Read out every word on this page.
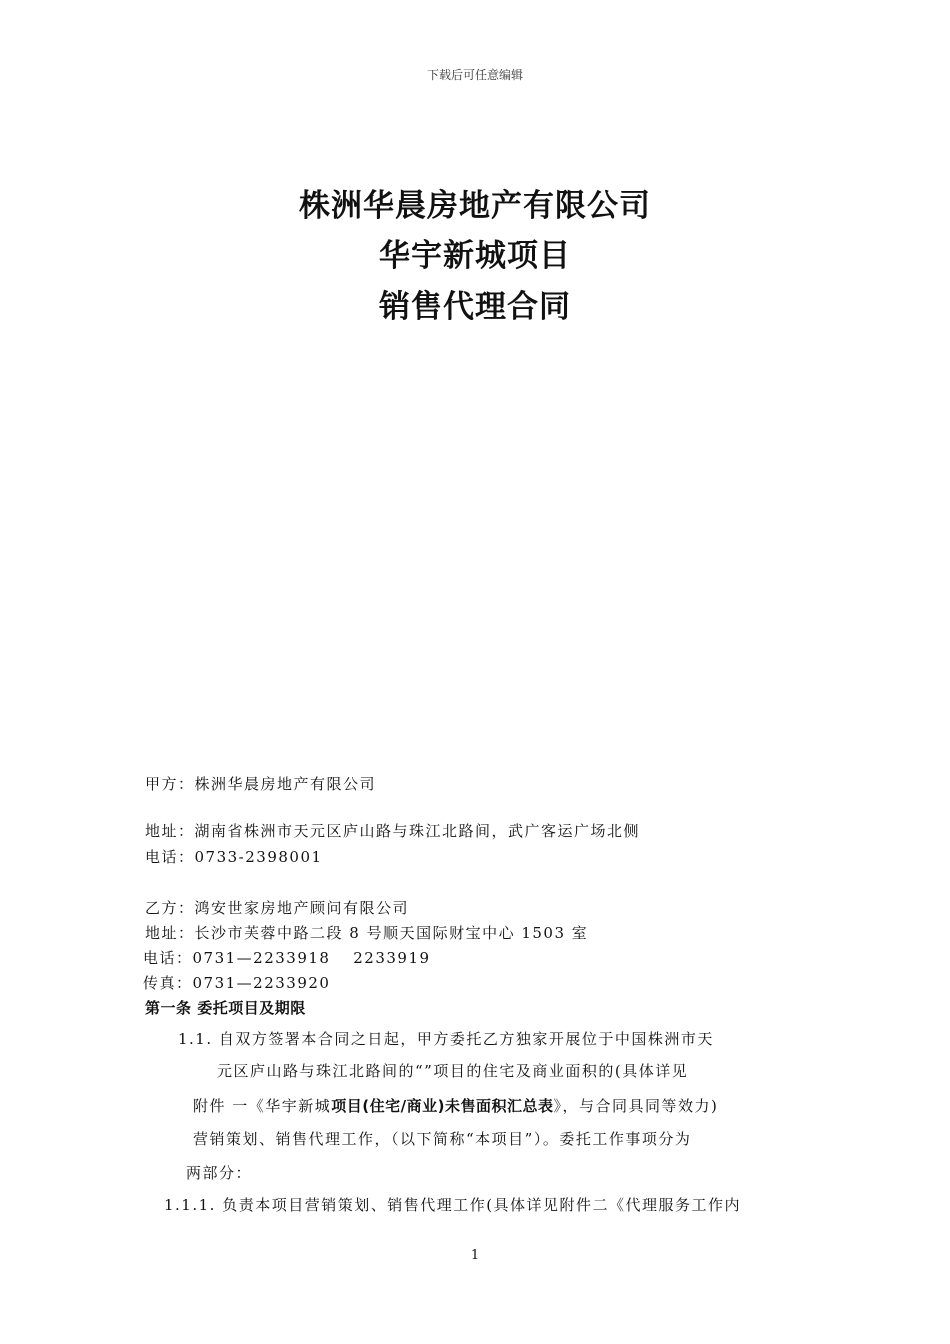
下载后可任意编辑
株洲华晨房地产有限公司
华宇新城项目
销售代理合同
甲方：株洲华晨房地产有限公司
地址：湖南省株洲市天元区庐山路与珠江北路间，武广客运广场北侧
电话：0733-2398001
乙方：鸿安世家房地产顾问有限公司
地址：长沙市芙蓉中路二段 8 号顺天国际财宝中心 1503 室
电话：0731—2233918　 2233919
传真：0731—2233920
第一条 委托项目及期限
1.1. 自双方签署本合同之日起，甲方委托乙方独家开展位于中国株洲市天
元区庐山路与珠江北路间的“”项目的住宅及商业面积的(具体详见
附件 一《华宇新城项目(住宅/商业)未售面积汇总表》，与合同具同等效力)
营销策划、销售代理工作，（以下简称“本项目”）。委托工作事项分为
两部分：
1.1.1. 负责本项目营销策划、销售代理工作(具体详见附件二《代理服务工作内
1
